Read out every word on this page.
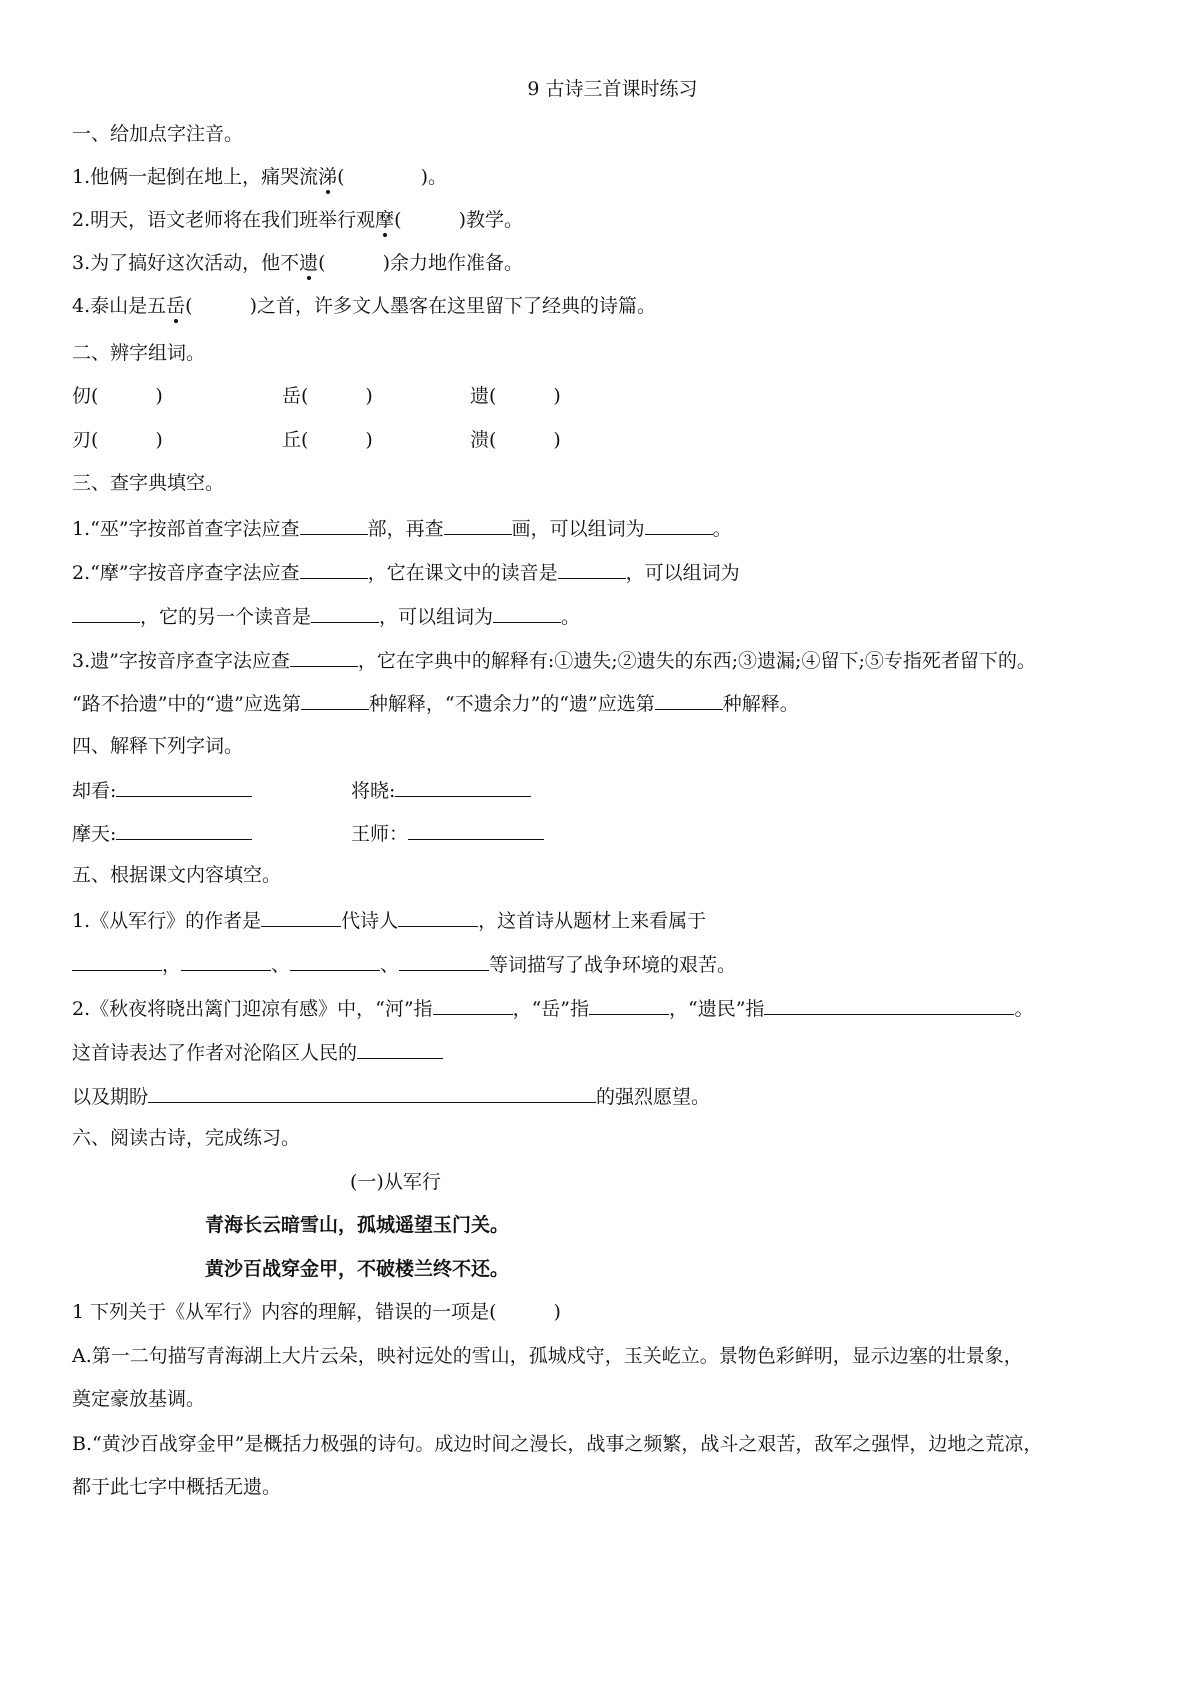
9 古诗三首课时练习
一、给加点字注音。
1.他俩一起倒在地上，痛哭流涕(　　　　)。
2.明天，语文老师将在我们班举行观摩(　　　)教学。
3.为了搞好这次活动，他不遗(　　　)余力地作准备。
4.泰山是五岳(　　　)之首，许多文人墨客在这里留下了经典的诗篇。
二、辨字组词。
仞(　　　)	岳(　　　)	遗(　　　)
刃(　　　)	丘(　　　)	溃(　　　)
三、查字典填空。
1.“巫”字按部首查字法应查	部，再查	画，可以组词为	。
2.“摩”字按音序查字法应查	，它在课文中的读音是	，可以组词为
，它的另一个读音是	，可以组词为	。
3.遗”字按音序查字法应查	，它在字典中的解释有:①遗失;②遗失的东西;③遗漏;④留下;⑤专指死者留下的。
“路不拾遗”中的“遗”应选第	种解释，“不遗余力”的“遗”应选第	种解释。
四、解释下列字词。
却看:	将晓:
摩天:	王师：
五、根据课文内容填空。
1.《从军行》的作者是	代诗人	，这首诗从题材上来看属于
，	、	、	等词描写了战争环境的艰苦。
2.《秋夜将晓出篱门迎凉有感》中，“河”指	，“岳”指	，“遗民”指	。
这首诗表达了作者对沦陷区人民的
以及期盼	的强烈愿望。
六、阅读古诗，完成练习。
(一)从军行
青海长云暗雪山，孤城遥望玉门关。
黄沙百战穿金甲，不破楼兰终不还。
1 下列关于《从军行》内容的理解，错误的一项是(　　　)
A.第一二句描写青海湖上大片云朵，映衬远处的雪山，孤城戍守，玉关屹立。景物色彩鲜明，显示边塞的壮景象，
奠定豪放基调。
B.“黄沙百战穿金甲”是概括力极强的诗句。成边时间之漫长，战事之频繁，战斗之艰苦，敌军之强悍，边地之荒凉，
都于此七字中概括无遗。
